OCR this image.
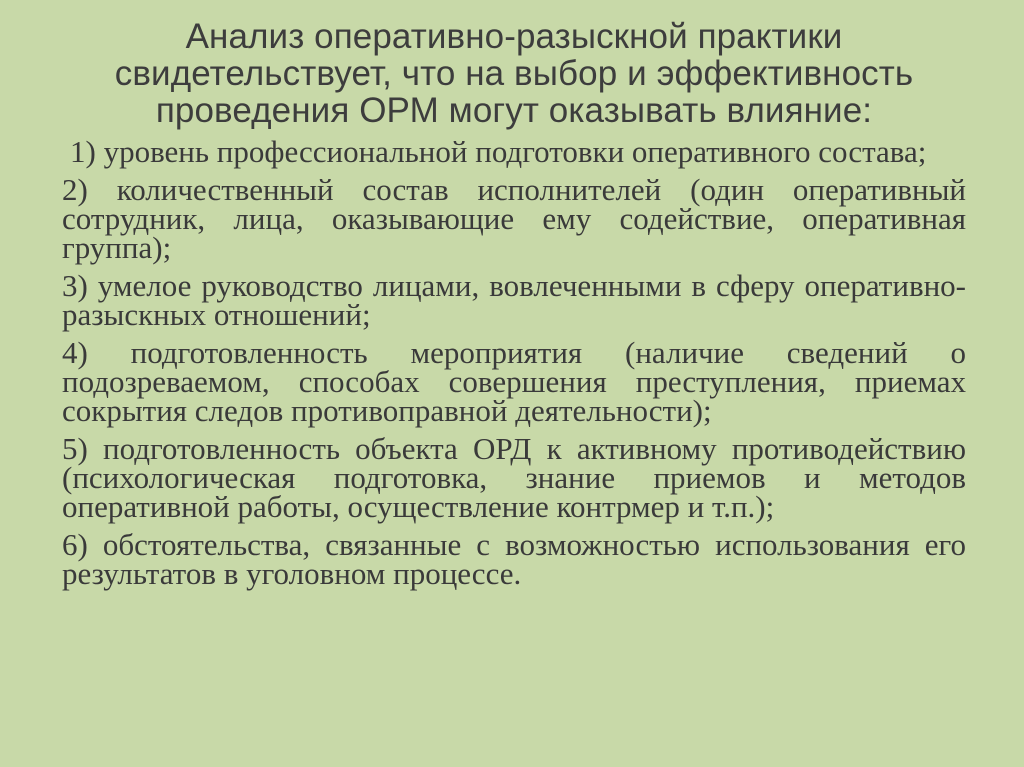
Анализ оперативно-разыскной практики
свидетельствует, что на выбор и эффективность
проведения ОРМ могут оказывать влияние:
1) уровень профессиональной подготовки оперативного состава;
2) количественный состав исполнителей (один оперативный сотрудник, лица, оказывающие ему содействие, оперативная группа);
3) умелое руководство лицами, вовлеченными в сферу оперативно-разыскных отношений;
4) подготовленность мероприятия (наличие сведений о подозреваемом, способах совершения преступления, приемах сокрытия следов противоправной деятельности);
5) подготовленность объекта ОРД к активному противодействию (психологическая подготовка, знание приемов и методов оперативной работы, осуществление контрмер и т.п.);
6) обстоятельства, связанные с возможностью использования его результатов в уголовном процессе.
